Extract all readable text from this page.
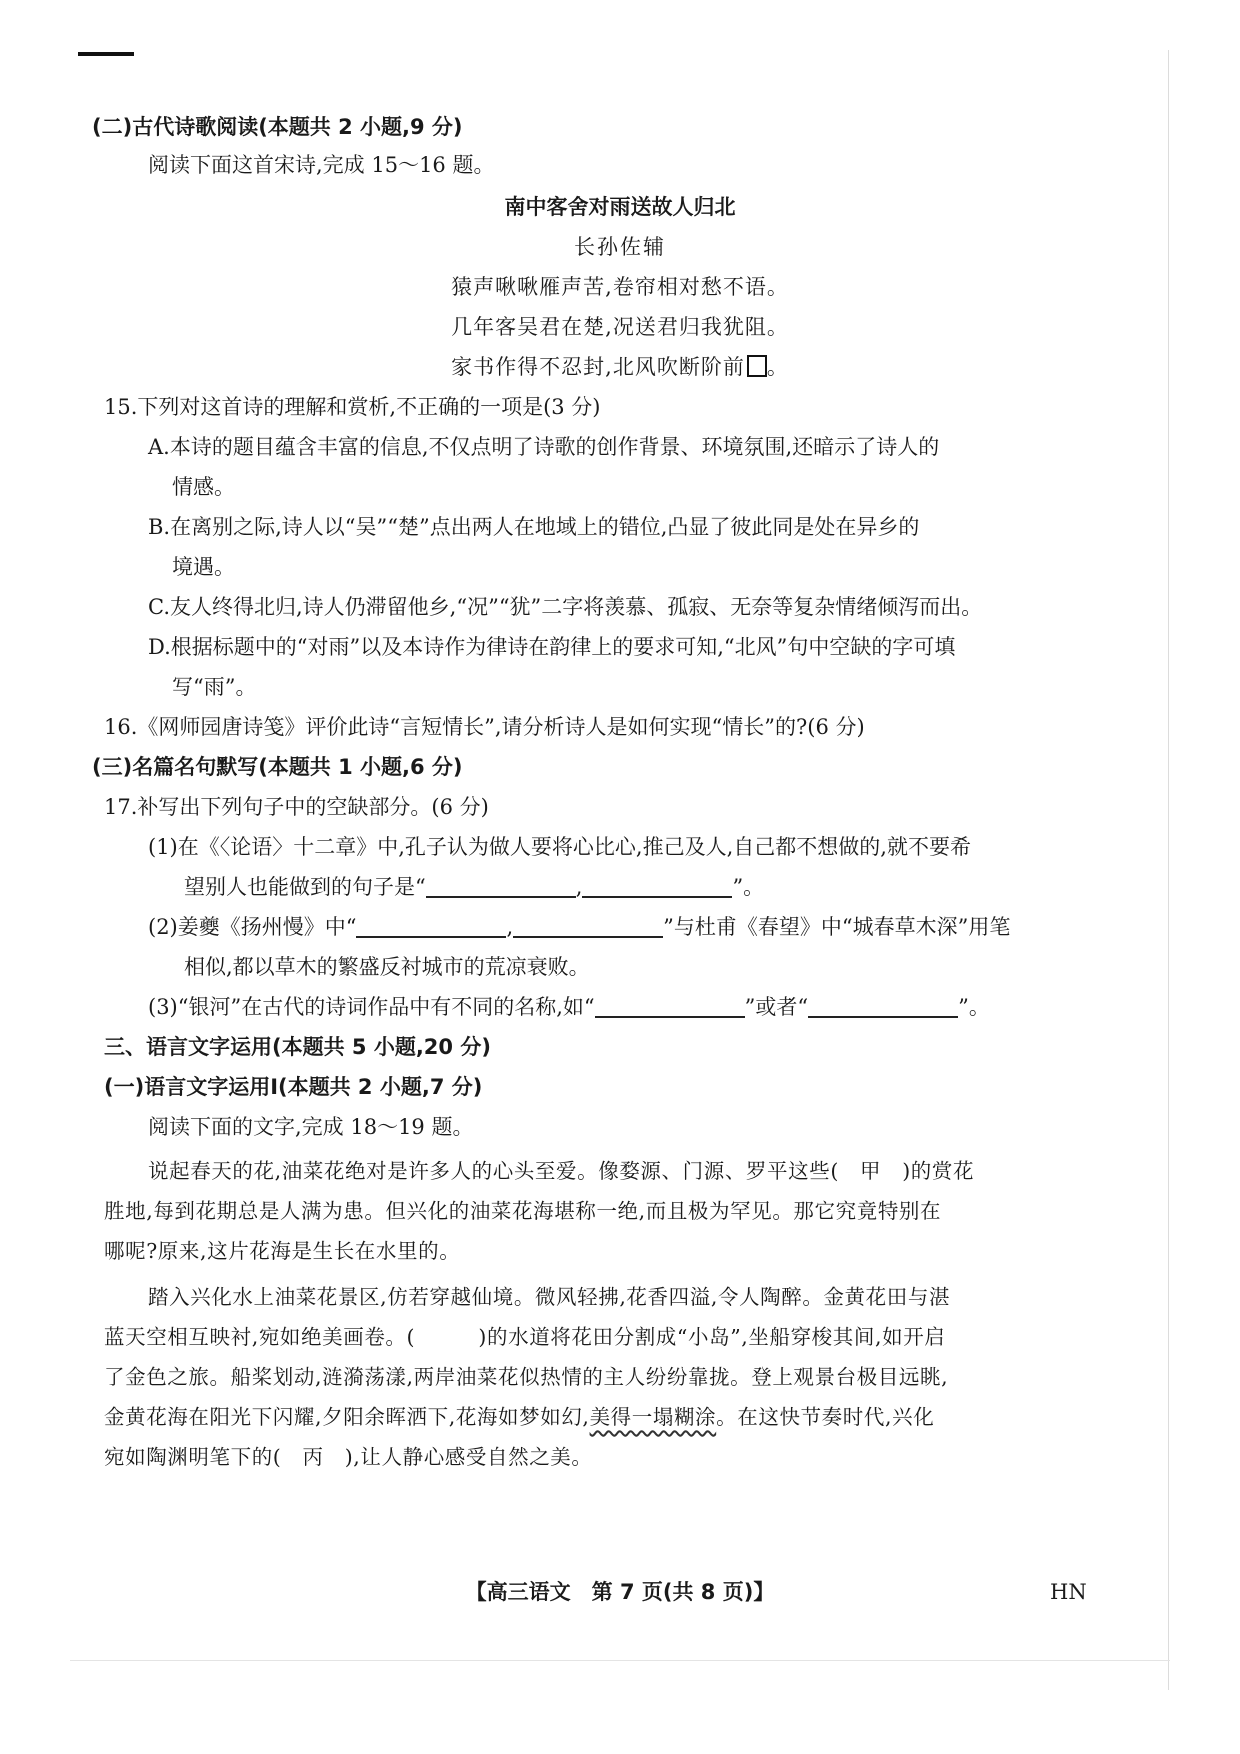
(二)古代诗歌阅读(本题共 2 小题,9 分)
阅读下面这首宋诗,完成 15～16 题。
南中客舍对雨送故人归北
长孙佐辅
猿声啾啾雁声苦,卷帘相对愁不语。
几年客吴君在楚,况送君归我犹阻。
家书作得不忍封,北风吹断阶前 。
15.下列对这首诗的理解和赏析,不正确的一项是(3 分)
A.本诗的题目蕴含丰富的信息,不仅点明了诗歌的创作背景、环境氛围,还暗示了诗人的
情感。
B.在离别之际,诗人以“吴”“楚”点出两人在地域上的错位,凸显了彼此同是处在异乡的
境遇。
C.友人终得北归,诗人仍滞留他乡,“况”“犹”二字将羡慕、孤寂、无奈等复杂情绪倾泻而出。
D.根据标题中的“对雨”以及本诗作为律诗在韵律上的要求可知,“北风”句中空缺的字可填
写“雨”。
16.《网师园唐诗笺》评价此诗“言短情长”,请分析诗人是如何实现“情长”的?(6 分)
(三)名篇名句默写(本题共 1 小题,6 分)
17.补写出下列句子中的空缺部分。(6 分)
(1)在《〈论语〉十二章》中,孔子认为做人要将心比心,推己及人,自己都不想做的,就不要希
望别人也能做到的句子是“	,	”。
(2)姜夔《扬州慢》中“	,	”与杜甫《春望》中“城春草木深”用笔
相似,都以草木的繁盛反衬城市的荒凉衰败。
(3)“银河”在古代的诗词作品中有不同的名称,如“	”或者“	”。
三、语言文字运用(本题共 5 小题,20 分)
(一)语言文字运用Ⅰ(本题共 2 小题,7 分)
阅读下面的文字,完成 18～19 题。
说起春天的花,油菜花绝对是许多人的心头至爱。像婺源、门源、罗平这些(　甲　)的赏花
胜地,每到花期总是人满为患。但兴化的油菜花海堪称一绝,而且极为罕见。那它究竟特别在
哪呢?原来,这片花海是生长在水里的。
踏入兴化水上油菜花景区,仿若穿越仙境。微风轻拂,花香四溢,令人陶醉。金黄花田与湛
蓝天空相互映衬,宛如绝美画卷。(　　　)的水道将花田分割成“小岛”,坐船穿梭其间,如开启
了金色之旅。船桨划动,涟漪荡漾,两岸油菜花似热情的主人纷纷靠拢。登上观景台极目远眺,
金黄花海在阳光下闪耀,夕阳余晖洒下,花海如梦如幻,美得一塌糊涂。在这快节奏时代,兴化
宛如陶渊明笔下的(　丙　),让人静心感受自然之美。
【高三语文　第 7 页(共 8 页)】	HN
